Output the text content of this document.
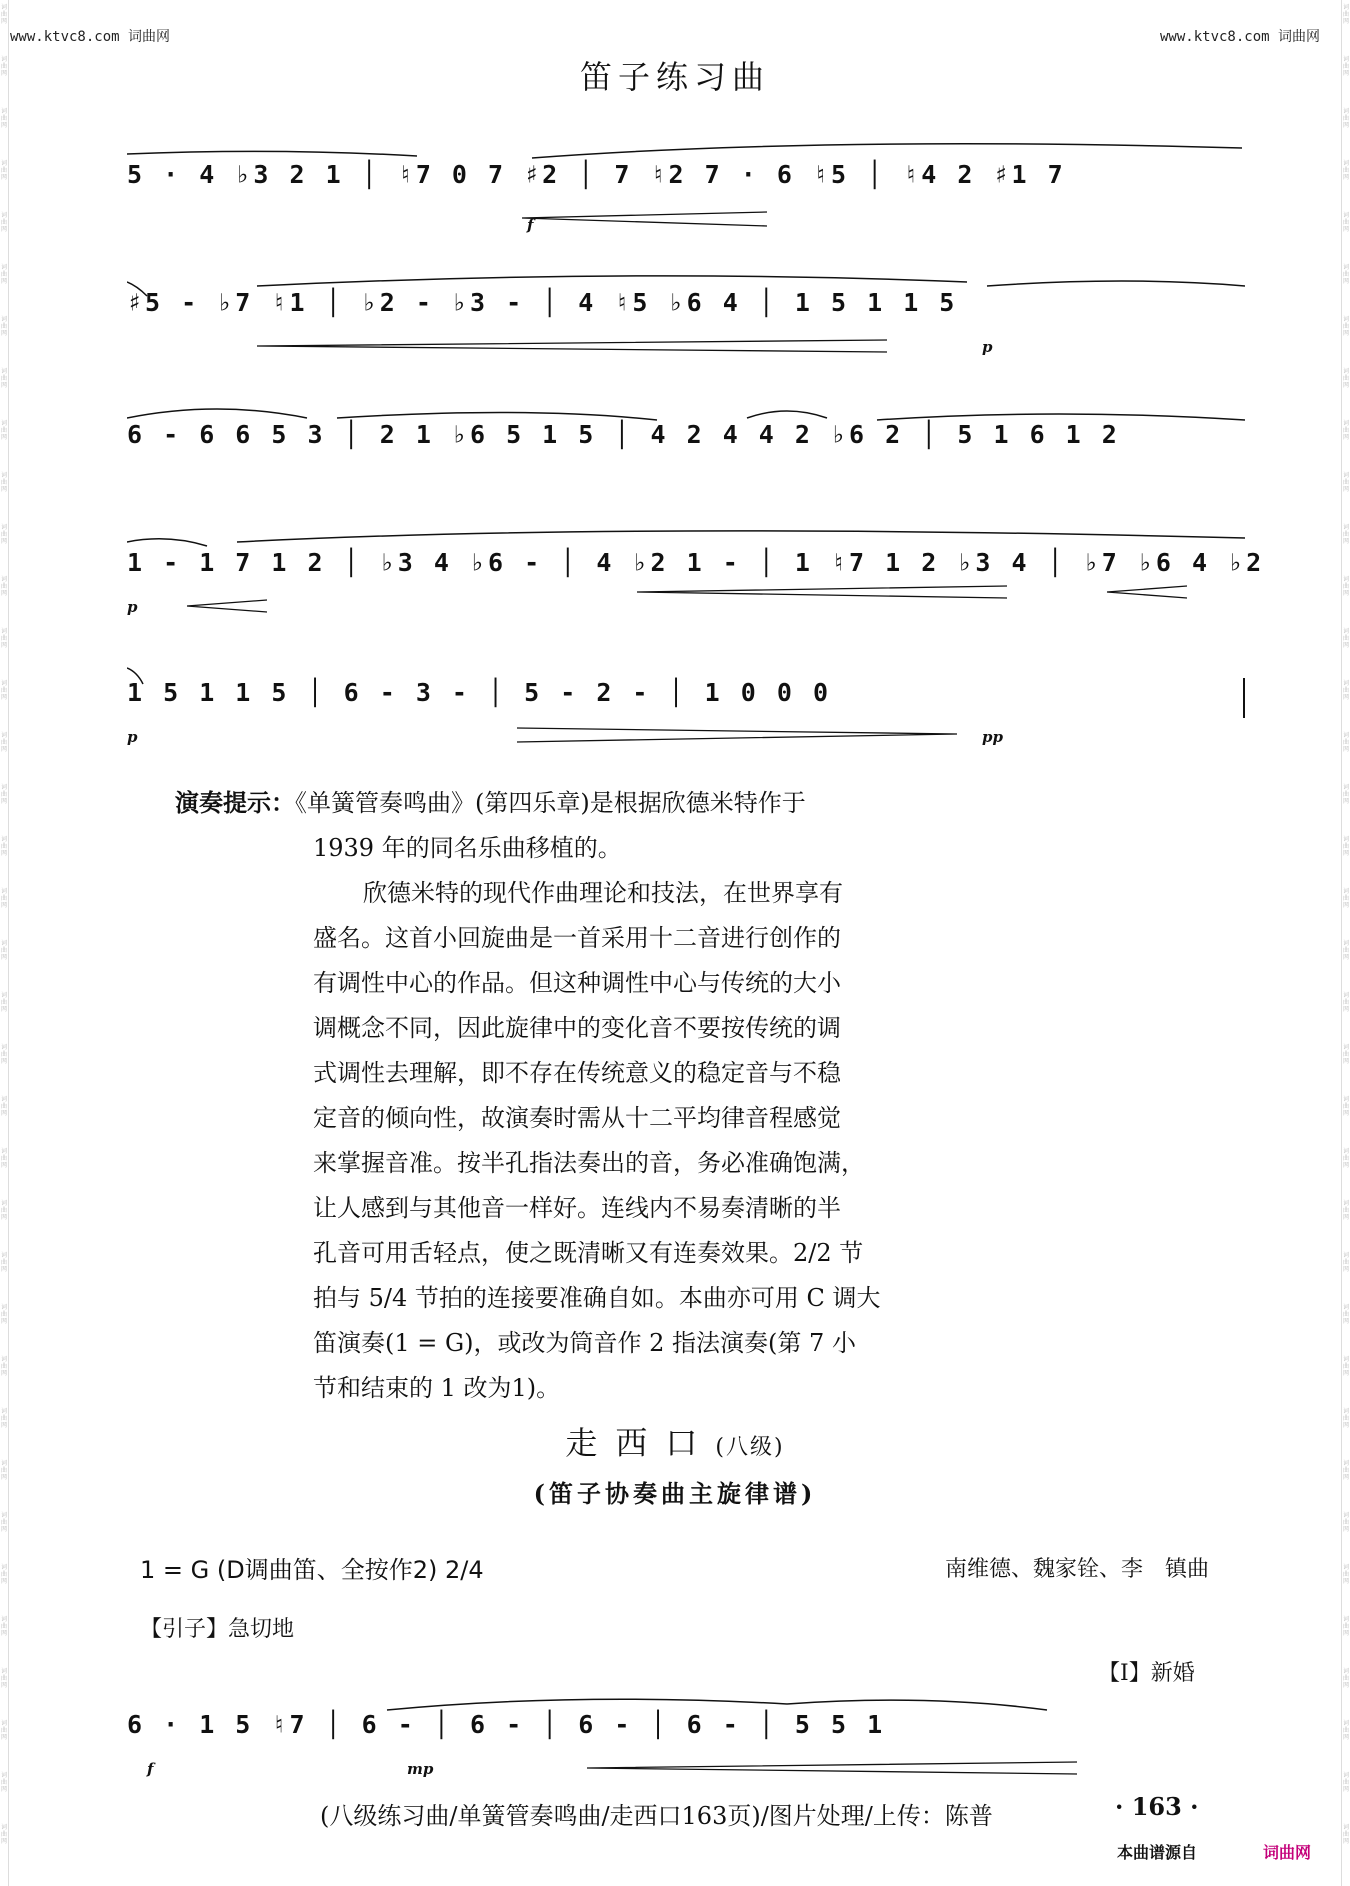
词曲网
词曲网
词曲网
词曲网
词曲网
词曲网
词曲网
词曲网
词曲网
词曲网
词曲网
词曲网
词曲网
词曲网
词曲网
词曲网
词曲网
词曲网
词曲网
词曲网
词曲网
词曲网
词曲网
词曲网
词曲网
词曲网
词曲网
词曲网
词曲网
词曲网
词曲网
词曲网
词曲网
词曲网
词曲网
词曲网
词曲网
词曲网
词曲网
词曲网
词曲网
词曲网
词曲网
词曲网
词曲网
词曲网
词曲网
词曲网
词曲网
词曲网
词曲网
词曲网
词曲网
词曲网
词曲网
词曲网
词曲网
词曲网
词曲网
词曲网
词曲网
词曲网
词曲网
词曲网
词曲网
词曲网
词曲网
词曲网
词曲网
词曲网
词曲网
词曲网
www.ktvc8.com 词曲网	www.ktvc8.com 词曲网
笛子练习曲
5 · 4 ♭3 2 1 │ ♮7 0 7 ♯2 │ 7 ♮2 7 · 6 ♮5 │ ♮4 2 ♯1 7
f
♯5 - ♭7 ♮1 │ ♭2 - ♭3 - │ 4 ♮5 ♭6 4 │ 1 5 1 1 5
p
6 - 6 6 5 3 │ 2 1 ♭6 5 1 5 │ 4 2 4 4 2 ♭6 2 │ 5 1 6 1 2
1 - 1 7 1 2 │ ♭3 4 ♭6 - │ 4 ♭2 1 - │ 1 ♮7 1 2 ♭3 4 │ ♭7 ♭6 4 ♭2
p
1 5 1 1 5 │ 6 - 3 - │ 5 - 2 - │ 1 0 0 0
p	pp

演奏提示：《单簧管奏鸣曲》(第四乐章)是根据欣德米特作于

1939 年的同名乐曲移植的。

欣德米特的现代作曲理论和技法，在世界享有

盛名。这首小回旋曲是一首采用十二音进行创作的

有调性中心的作品。但这种调性中心与传统的大小

调概念不同，因此旋律中的变化音不要按传统的调

式调性去理解，即不存在传统意义的稳定音与不稳

定音的倾向性，故演奏时需从十二平均律音程感觉

来掌握音准。按半孔指法奏出的音，务必准确饱满，

让人感到与其他音一样好。连线内不易奏清晰的半

孔音可用舌轻点，使之既清晰又有连奏效果。2/2 节

拍与 5/4 节拍的连接要准确自如。本曲亦可用 C 调大

笛演奏(1 = G)，或改为筒音作 2 指法演奏(第 7 小

节和结束的 1 改为1)。

走西口(八级)
(笛子协奏曲主旋律谱)
1 = G (D调曲笛、全按作2) 2/4	南维德、魏家铨、李　镇曲
【引子】急切地
【I】新婚
6 · 1 5 ♮7 │ 6 - │ 6 - │ 6 - │ 6 - │ 5 5 1
f	mp
(八级练习曲/单簧管奏鸣曲/走西口163页)/图片处理/上传：陈普	· 163 ·
本曲谱源自	词曲网
